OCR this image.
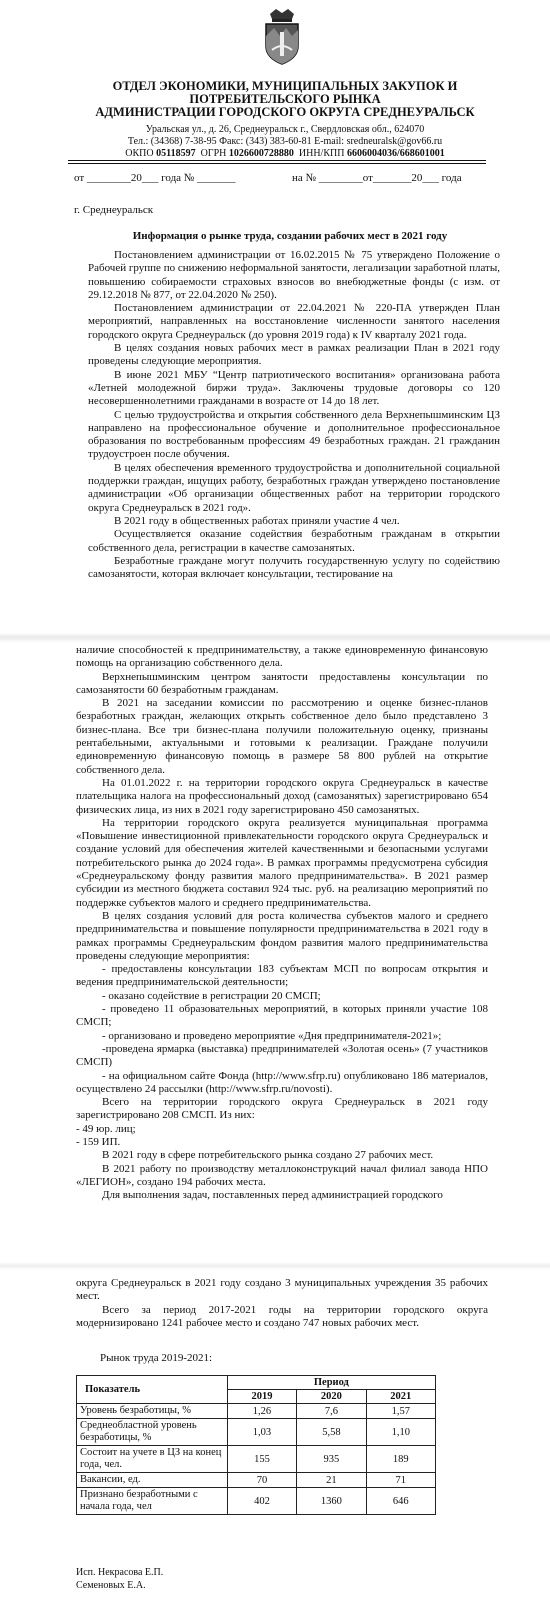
ОТДЕЛ ЭКОНОМИКИ, МУНИЦИПАЛЬНЫХ ЗАКУПОК И
ПОТРЕБИТЕЛЬСКОГО РЫНКА
АДМИНИСТРАЦИИ ГОРОДСКОГО ОКРУГА СРЕДНЕУРАЛЬСК
Уральская ул., д. 26, Среднеуральск г., Свердловская обл., 624070
Тел.: (34368) 7-38-95 Факс: (343) 383-60-81 E-mail: sredneuralsk@gov66.ru
ОКПО 05118597 ОГРН 1026600728880 ИНН/КПП 6606004036/668601001
от ________20___ года № _______	на № ________от_______20___ года
г. Среднеуральск
Информация о рынке труда, создании рабочих мест в 2021 году

Постановлением администрации от 16.02.2015 № 75 утверждено Положение о Рабочей группе по снижению неформальной занятости, легализации заработной платы, повышению собираемости страховых взносов во внебюджетные фонды (с изм. от 29.12.2018 № 877, от 22.04.2020 № 250).

Постановлением администрации от 22.04.2021 № 220-ПА утвержден План мероприятий, направленных на восстановление численности занятого населения городского округа Среднеуральск (до уровня 2019 года) к IV кварталу 2021 года.

В целях создания новых рабочих мест в рамках реализации План в 2021 году проведены следующие мероприятия.

В июне 2021 МБУ “Центр патриотического воспитания» организована работа «Летней молодежной биржи труда». Заключены трудовые договоры со 120 несовершеннолетними гражданами в возрасте от 14 до 18 лет.

С целью трудоустройства и открытия собственного дела Верхнепышминским ЦЗ направлено на профессиональное обучение и дополнительное профессиональное образования по востребованным профессиям 49 безработных граждан. 21 гражданин трудоустроен после обучения.

В целях обеспечения временного трудоустройства и дополнительной социальной поддержки граждан, ищущих работу, безработных граждан утверждено постановление администрации «Об организации общественных работ на территории городского округа Среднеуральск в 2021 год».

В 2021 году в общественных работах приняли участие 4 чел.

Осуществляется оказание содействия безработным гражданам в открытии собственного дела, регистрации в качестве самозанятых.

Безработные граждане могут получить государственную услугу по содействию самозанятости, которая включает консультации, тестирование на

наличие способностей к предпринимательству, а также единовременную финансовую помощь на организацию собственного дела.

Верхнепышминским центром занятости предоставлены консультации по самозанятости 60 безработным гражданам.

В 2021 на заседании комиссии по рассмотрению и оценке бизнес-планов безработных граждан, желающих открыть собственное дело было представлено 3 бизнес-плана. Все три бизнес-плана получили положительную оценку, признаны рентабельными, актуальными и готовыми к реализации. Граждане получили единовременную финансовую помощь в размере 58 800 рублей на открытие собственного дела.

На 01.01.2022 г. на территории городского округа Среднеуральск в качестве плательщика налога на профессиональный доход (самозанятых) зарегистрировано 654 физических лица, из них в 2021 году зарегистрировано 450 самозанятых.

На территории городского округа реализуется муниципальная программа «Повышение инвестиционной привлекательности городского округа Среднеуральск и создание условий для обеспечения жителей качественными и безопасными услугами потребительского рынка до 2024 года». В рамках программы предусмотрена субсидия «Среднеуральскому фонду развития малого предпринимательства». В 2021 размер субсидии из местного бюджета составил 924 тыс. руб. на реализацию мероприятий по поддержке субъектов малого и среднего предпринимательства.

В целях создания условий для роста количества субъектов малого и среднего предпринимательства и повышение популярности предпринимательства в 2021 году в рамках программы Среднеуральским фондом развития малого предпринимательства проведены следующие мероприятия:

- предоставлены консультации 183 субъектам МСП по вопросам открытия и ведения предпринимательской деятельности;

- оказано содействие в регистрации 20 СМСП;

- проведено 11 образовательных мероприятий, в которых приняли участие 108 СМСП;

- организовано и проведено мероприятие «Дня предпринимателя-2021»;

-проведена ярмарка (выставка) предпринимателей «Золотая осень» (7 участников СМСП)

- на официальном сайте Фонда (http://www.sfrp.ru) опубликовано 186 материалов, осуществлено 24 рассылки (http://www.sfrp.ru/novosti).

Всего на территории городского округа Среднеуральск в 2021 году зарегистрировано 208 СМСП. Из них:

- 49 юр. лиц;

- 159 ИП.

В 2021 году в сфере потребительского рынка создано 27 рабочих мест.

В 2021 работу по производству металлоконструкций начал филиал завода НПО «ЛЕГИОН», создано 194 рабочих места.

Для выполнения задач, поставленных перед администрацией городского

округа Среднеуральск в 2021 году создано 3 муниципальных учреждения 35 рабочих мест.

Всего за период 2017-2021 годы на территории городского округа модернизировано 1241 рабочее место и создано 747 новых рабочих мест.

Рынок труда 2019-2021:
Показатель	Период		
	2019	2020	2021
Уровень безработицы, %	1,26	7,6	1,57
Среднеобластной уровень безработицы, %	1,03	5,58	1,10
Состоит на учете в ЦЗ на конец года, чел.	155	935	189
Вакансии, ед.	70	21	71
Признано безработными с начала года, чел	402	1360	646
Исп. Некрасова Е.П.
Семеновых Е.А.
